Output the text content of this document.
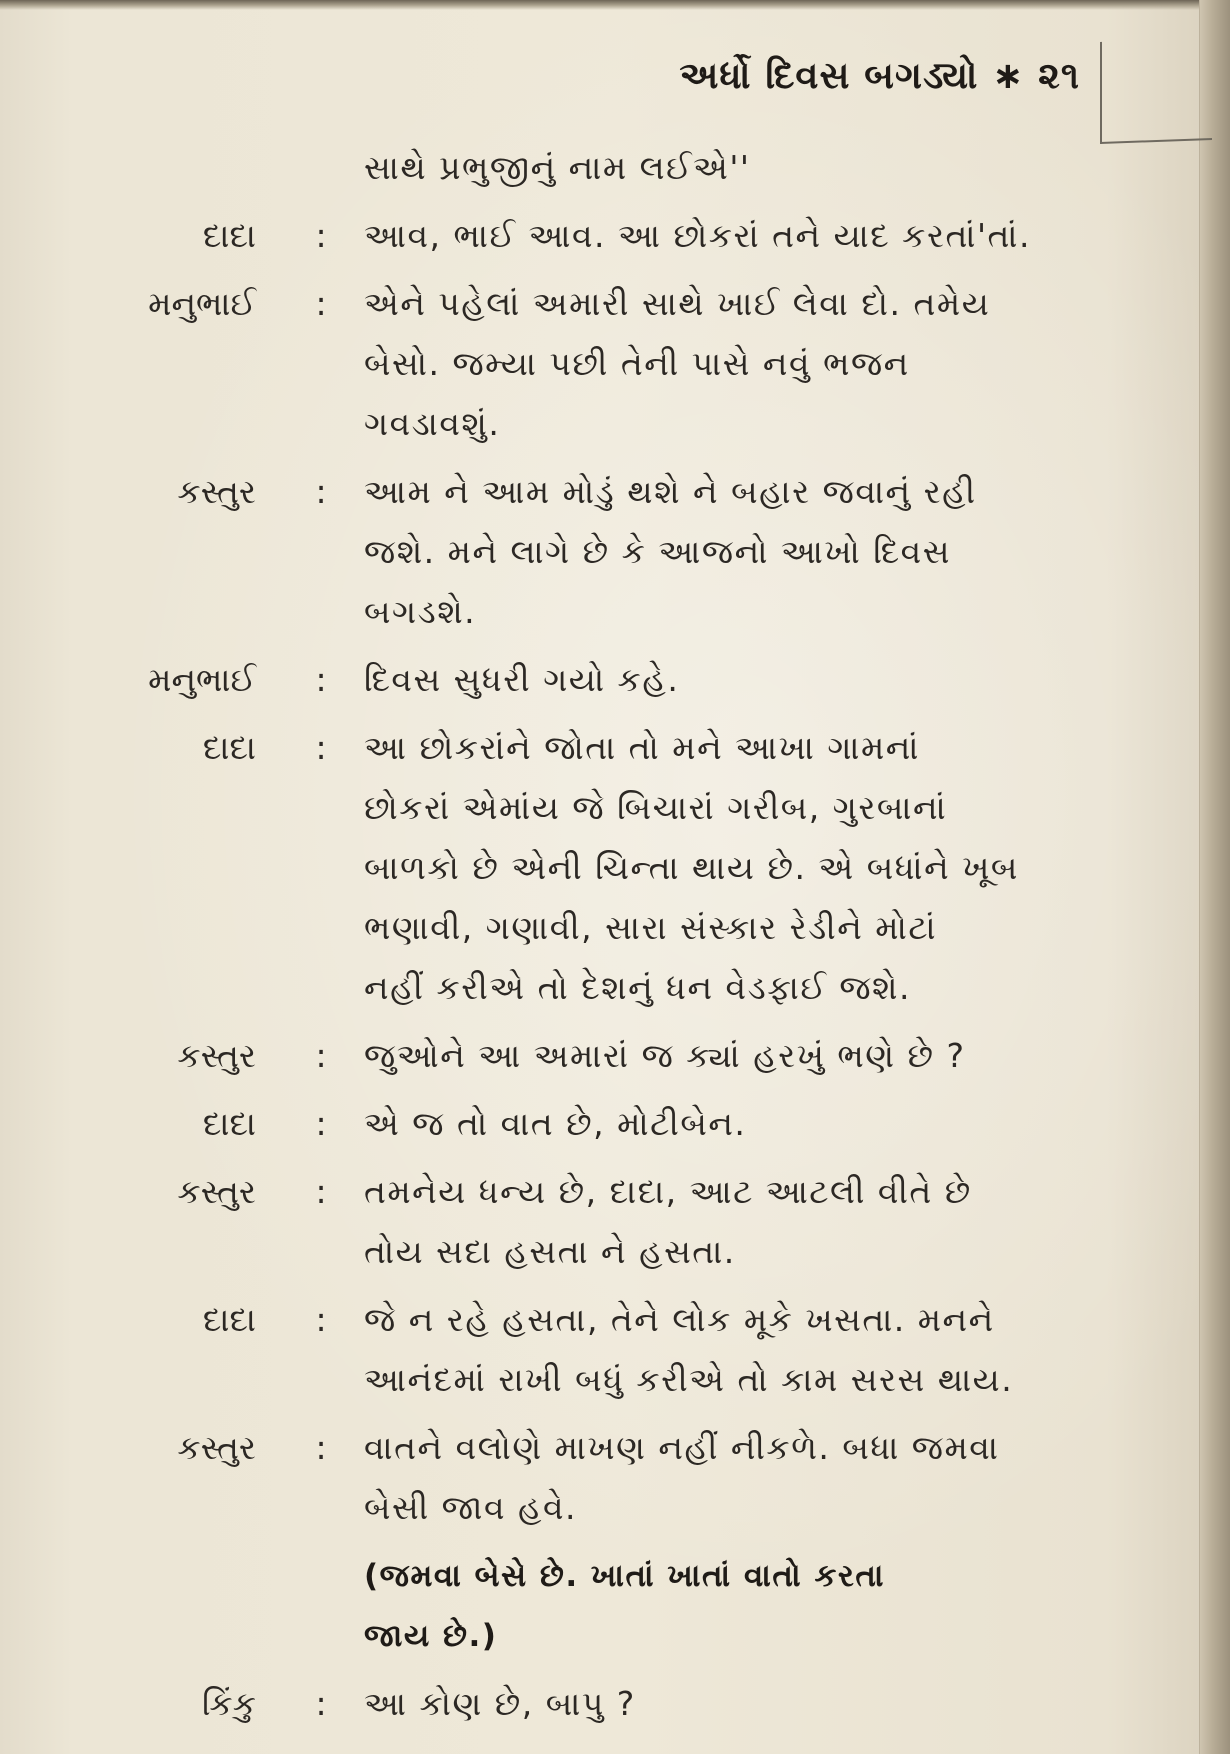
અર્ધો દિવસ બગડ્યો ∗ ૨૧
સાથે પ્રભુજીનું નામ લઈએ''
દાદા : આવ, ભાઈ આવ. આ છોકરાં તને યાદ કરતાં'તાં.
મનુભાઈ : એને પહેલાં અમારી સાથે ખાઈ લેવા દો. તમેય
બેસો. જમ્યા પછી તેની પાસે નવું ભજન
ગવડાવશું.
કસ્તુર : આમ ને આમ મોડું થશે ને બહાર જવાનું રહી
જશે. મને લાગે છે કે આજનો આખો દિવસ
બગડશે.
મનુભાઈ : દિવસ સુધરી ગયો કહે.
દાદા : આ છોકરાંને જોતા તો મને આખા ગામનાં
છોકરાં એમાંય જે બિચારાં ગરીબ, ગુરબાનાં
બાળકો છે એની ચિન્તા થાય છે. એ બધાંને ખૂબ
ભણાવી, ગણાવી, સારા સંસ્કાર રેડીને મોટાં
નહીં કરીએ તો દેશનું ધન વેડફાઈ જશે.
કસ્તુર : જુઓને આ અમારાં જ ક્યાં હરખું ભણે છે ?
દાદા : એ જ તો વાત છે, મોટીબેન.
કસ્તુર : તમનેય ધન્ય છે, દાદા, આટ આટલી વીતે છે
તોય સદા હસતા ને હસતા.
દાદા : જે ન રહે હસતા, તેને લોક મૂકે ખસતા. મનને
આનંદમાં રાખી બધું કરીએ તો કામ સરસ થાય.
કસ્તુર : વાતને વલોણે માખણ નહીં નીકળે. બધા જમવા
બેસી જાવ હવે.
(જમવા બેસે છે. ખાતાં ખાતાં વાતો કરતા
જાય છે.)
કિંકુ : આ કોણ છે, બાપુ ?
